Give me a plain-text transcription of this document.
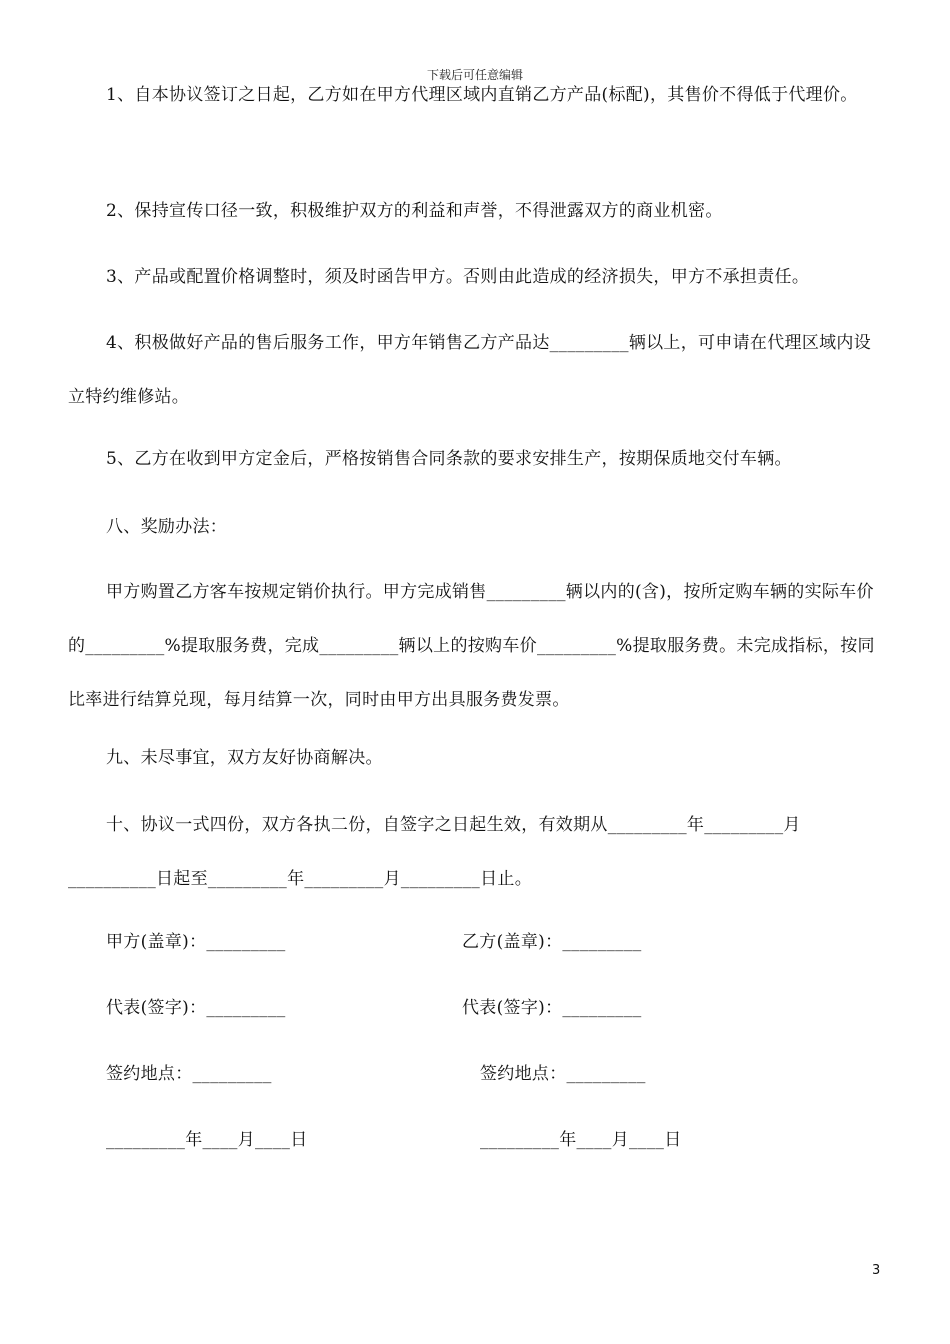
下载后可任意编辑

1、自本协议签订之日起，乙方如在甲方代理区域内直销乙方产品(标配)，其售价不得低于代理价。

2、保持宣传口径一致，积极维护双方的利益和声誉，不得泄露双方的商业机密。

3、产品或配置价格调整时，须及时函告甲方。否则由此造成的经济损失，甲方不承担责任。

4、积极做好产品的售后服务工作，甲方年销售乙方产品达_________辆以上，可申请在代理区域内设立特约维修站。

5、乙方在收到甲方定金后，严格按销售合同条款的要求安排生产，按期保质地交付车辆。

八、奖励办法：

甲方购置乙方客车按规定销价执行。甲方完成销售_________辆以内的(含)，按所定购车辆的实际车价的_________%提取服务费，完成_________辆以上的按购车价_________%提取服务费。未完成指标，按同比率进行结算兑现，每月结算一次，同时由甲方出具服务费发票。

九、未尽事宜，双方友好协商解决。

十、协议一式四份，双方各执二份，自签字之日起生效，有效期从_________年_________月__________日起至_________年_________月_________日止。

甲方(盖章)：_________	乙方(盖章)：_________
代表(签字)：_________	代表(签字)：_________
签约地点：_________	签约地点：_________
_________年____月____日	_________年____月____日
3
